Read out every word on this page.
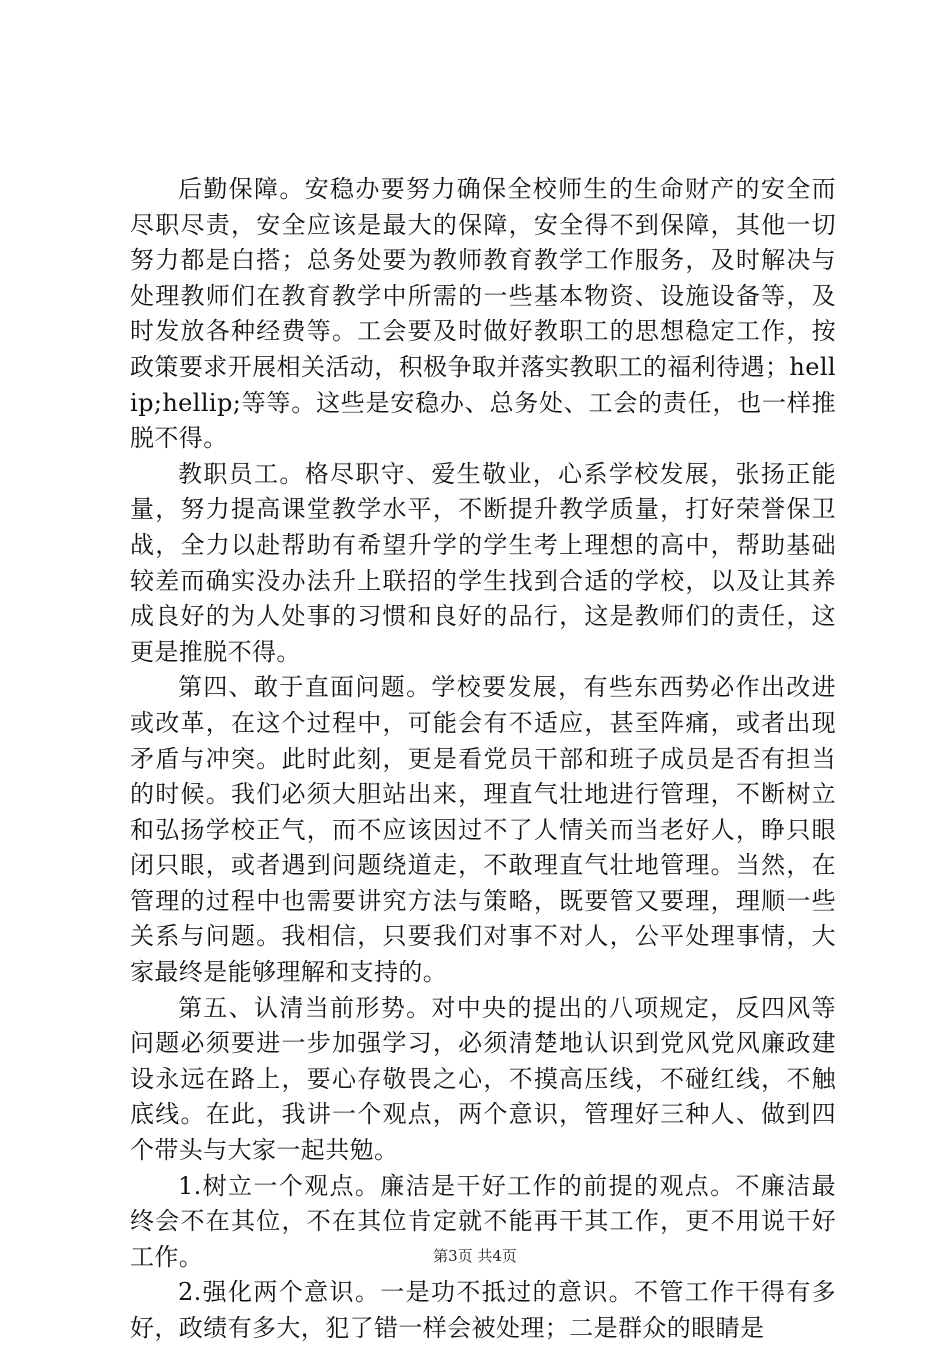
后勤保障。安稳办要努力确保全校师生的生命财产的安全而尽职尽责，安全应该是最大的保障，安全得不到保障，其他一切努力都是白搭；总务处要为教师教育教学工作服务，及时解决与处理教师们在教育教学中所需的一些基本物资、设施设备等，及时发放各种经费等。工会要及时做好教职工的思想稳定工作，按政策要求开展相关活动，积极争取并落实教职工的福利待遇；hellip;hellip;等等。这些是安稳办、总务处、工会的责任，也一样推脱不得。

教职员工。格尽职守、爱生敬业，心系学校发展，张扬正能量，努力提高课堂教学水平，不断提升教学质量，打好荣誉保卫战，全力以赴帮助有希望升学的学生考上理想的高中，帮助基础较差而确实没办法升上联招的学生找到合适的学校，以及让其养成良好的为人处事的习惯和良好的品行，这是教师们的责任，这更是推脱不得。

第四、敢于直面问题。学校要发展，有些东西势必作出改进或改革，在这个过程中，可能会有不适应，甚至阵痛，或者出现矛盾与冲突。此时此刻，更是看党员干部和班子成员是否有担当的时候。我们必须大胆站出来，理直气壮地进行管理，不断树立和弘扬学校正气，而不应该因过不了人情关而当老好人，睁只眼闭只眼，或者遇到问题绕道走，不敢理直气壮地管理。当然，在管理的过程中也需要讲究方法与策略，既要管又要理，理顺一些关系与问题。我相信，只要我们对事不对人，公平处理事情，大家最终是能够理解和支持的。

第五、认清当前形势。对中央的提出的八项规定，反四风等问题必须要进一步加强学习，必须清楚地认识到党风党风廉政建设永远在路上，要心存敬畏之心，不摸高压线，不碰红线，不触底线。在此，我讲一个观点，两个意识，管理好三种人、做到四个带头与大家一起共勉。

1.树立一个观点。廉洁是干好工作的前提的观点。不廉洁最终会不在其位，不在其位肯定就不能再干其工作，更不用说干好工作。

2.强化两个意识。一是功不抵过的意识。不管工作干得有多好，政绩有多大，犯了错一样会被处理；二是群众的眼睛是

第3页 共4页
